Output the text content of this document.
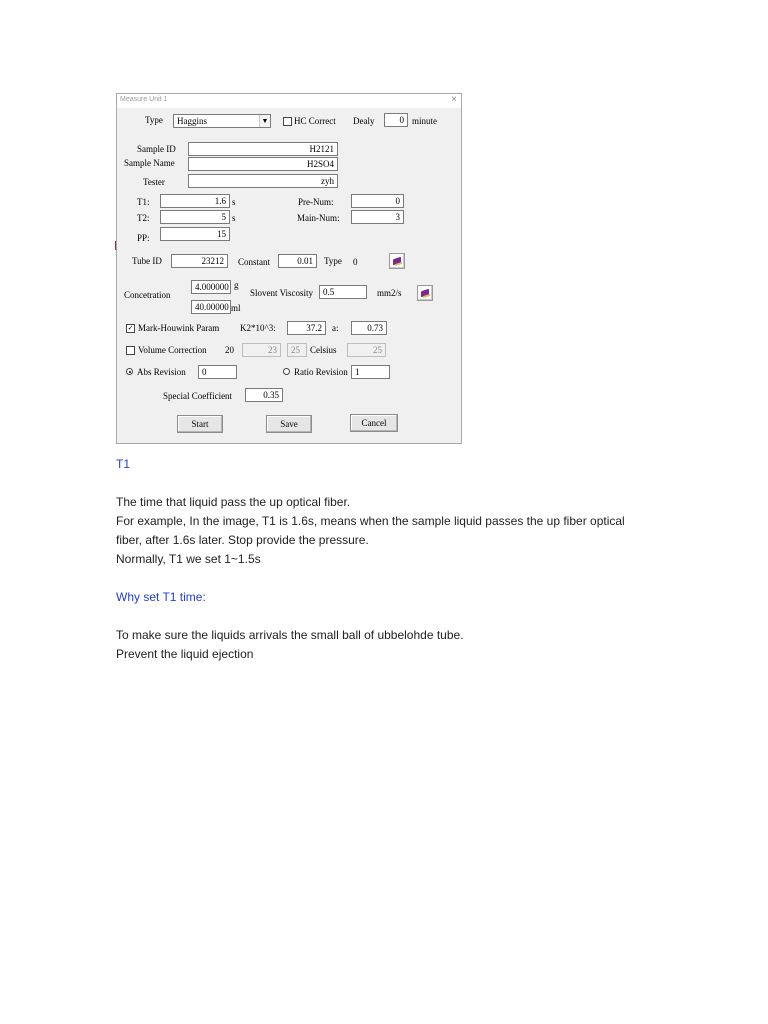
Measure Unit 1	×
Type	Haggins	▼	HC Correct Dealy	0 minute
Sample ID	H2121
Sample Name	H2SO4
Tester	zyh
T1:	1.6 s
T2:	5 s
PP:	15
Pre-Num:	0
Main-Num:	3
Tube ID	23212	Constant	0.01	Type 0
Concetration
4.000000 g
40.00000 ml
Slovent Viscosity	0.5	mm2/s
✓ Mark-Houwink Param K2*10^3:	37.2	a:	0.73
Volume Correction 20	23	25	Celsius	25
Abs Revision	0	Ratio Revision 1
Special Coefficient	0.35
Start	Save	Cancel
T1
The time that liquid pass the up optical fiber.
For example, In the image, T1 is 1.6s, means when the sample liquid passes the up fiber optical
fiber, after 1.6s later. Stop provide the pressure.
Normally, T1 we set 1~1.5s
Why set T1 time:
To make sure the liquids arrivals the small ball of ubbelohde tube.
Prevent the liquid ejection
